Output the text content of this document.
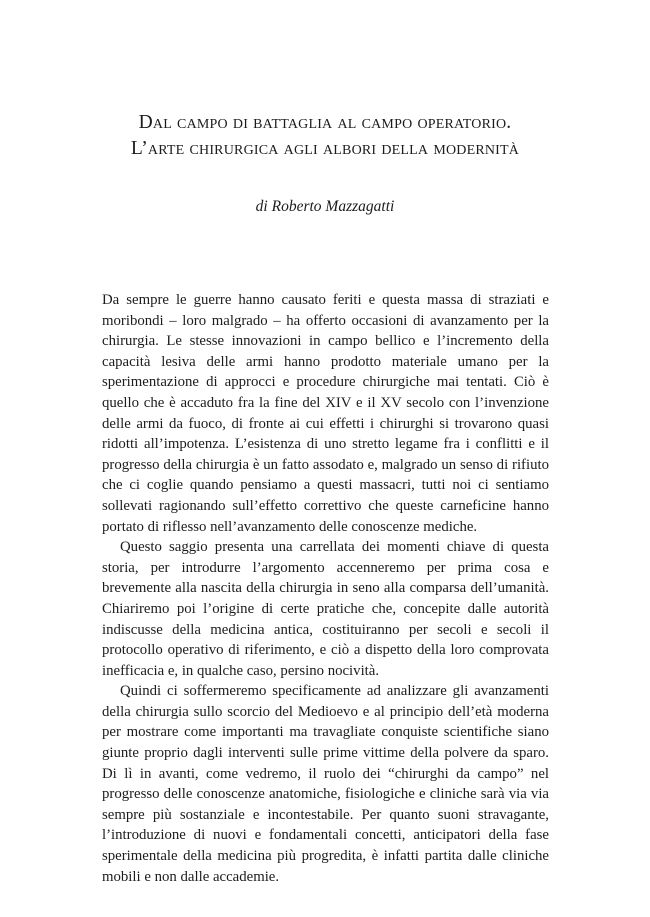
Dal campo di battaglia al campo operatorio.
L’arte chirurgica agli albori della modernità

di Roberto Mazzagatti

Da sempre le guerre hanno causato feriti e questa massa di straziati e moribondi – loro malgrado – ha offerto occasioni di avanzamento per la chirurgia. Le stesse innovazioni in campo bellico e l’incremento della capacità lesiva delle armi hanno prodotto materiale umano per la sperimentazione di approcci e procedure chirurgiche mai tentati. Ciò è quello che è accaduto fra la fine del XIV e il XV secolo con l’invenzione delle armi da fuoco, di fronte ai cui effetti i chirurghi si trovarono quasi ridotti all’impotenza. L’esistenza di uno stretto legame fra i conflitti e il progresso della chirurgia è un fatto assodato e, malgrado un senso di rifiuto che ci coglie quando pensiamo a questi massacri, tutti noi ci sentiamo sollevati ragionando sull’effetto correttivo che queste carneficine hanno portato di riflesso nell’avanzamento delle conoscenze mediche.

Questo saggio presenta una carrellata dei momenti chiave di questa storia, per introdurre l’argomento accenneremo per prima cosa e brevemente alla nascita della chirurgia in seno alla comparsa dell’umanità. Chiariremo poi l’origine di certe pratiche che, concepite dalle autorità indiscusse della medicina antica, costituiranno per secoli e secoli il protocollo operativo di riferimento, e ciò a dispetto della loro comprovata inefficacia e, in qualche caso, persino nocività.

Quindi ci soffermeremo specificamente ad analizzare gli avanzamenti della chirurgia sullo scorcio del Medioevo e al principio dell’età moderna per mostrare come importanti ma travagliate conquiste scientifiche siano giunte proprio dagli interventi sulle prime vittime della polvere da sparo. Di lì in avanti, come vedremo, il ruolo dei “chirurghi da campo” nel progresso delle conoscenze anatomiche, fisiologiche e cliniche sarà via via sempre più sostanziale e incontestabile. Per quanto suoni stravagante, l’introduzione di nuovi e fondamentali concetti, anticipatori della fase sperimentale della medicina più progredita, è infatti partita dalle cliniche mobili e non dalle accademie.
